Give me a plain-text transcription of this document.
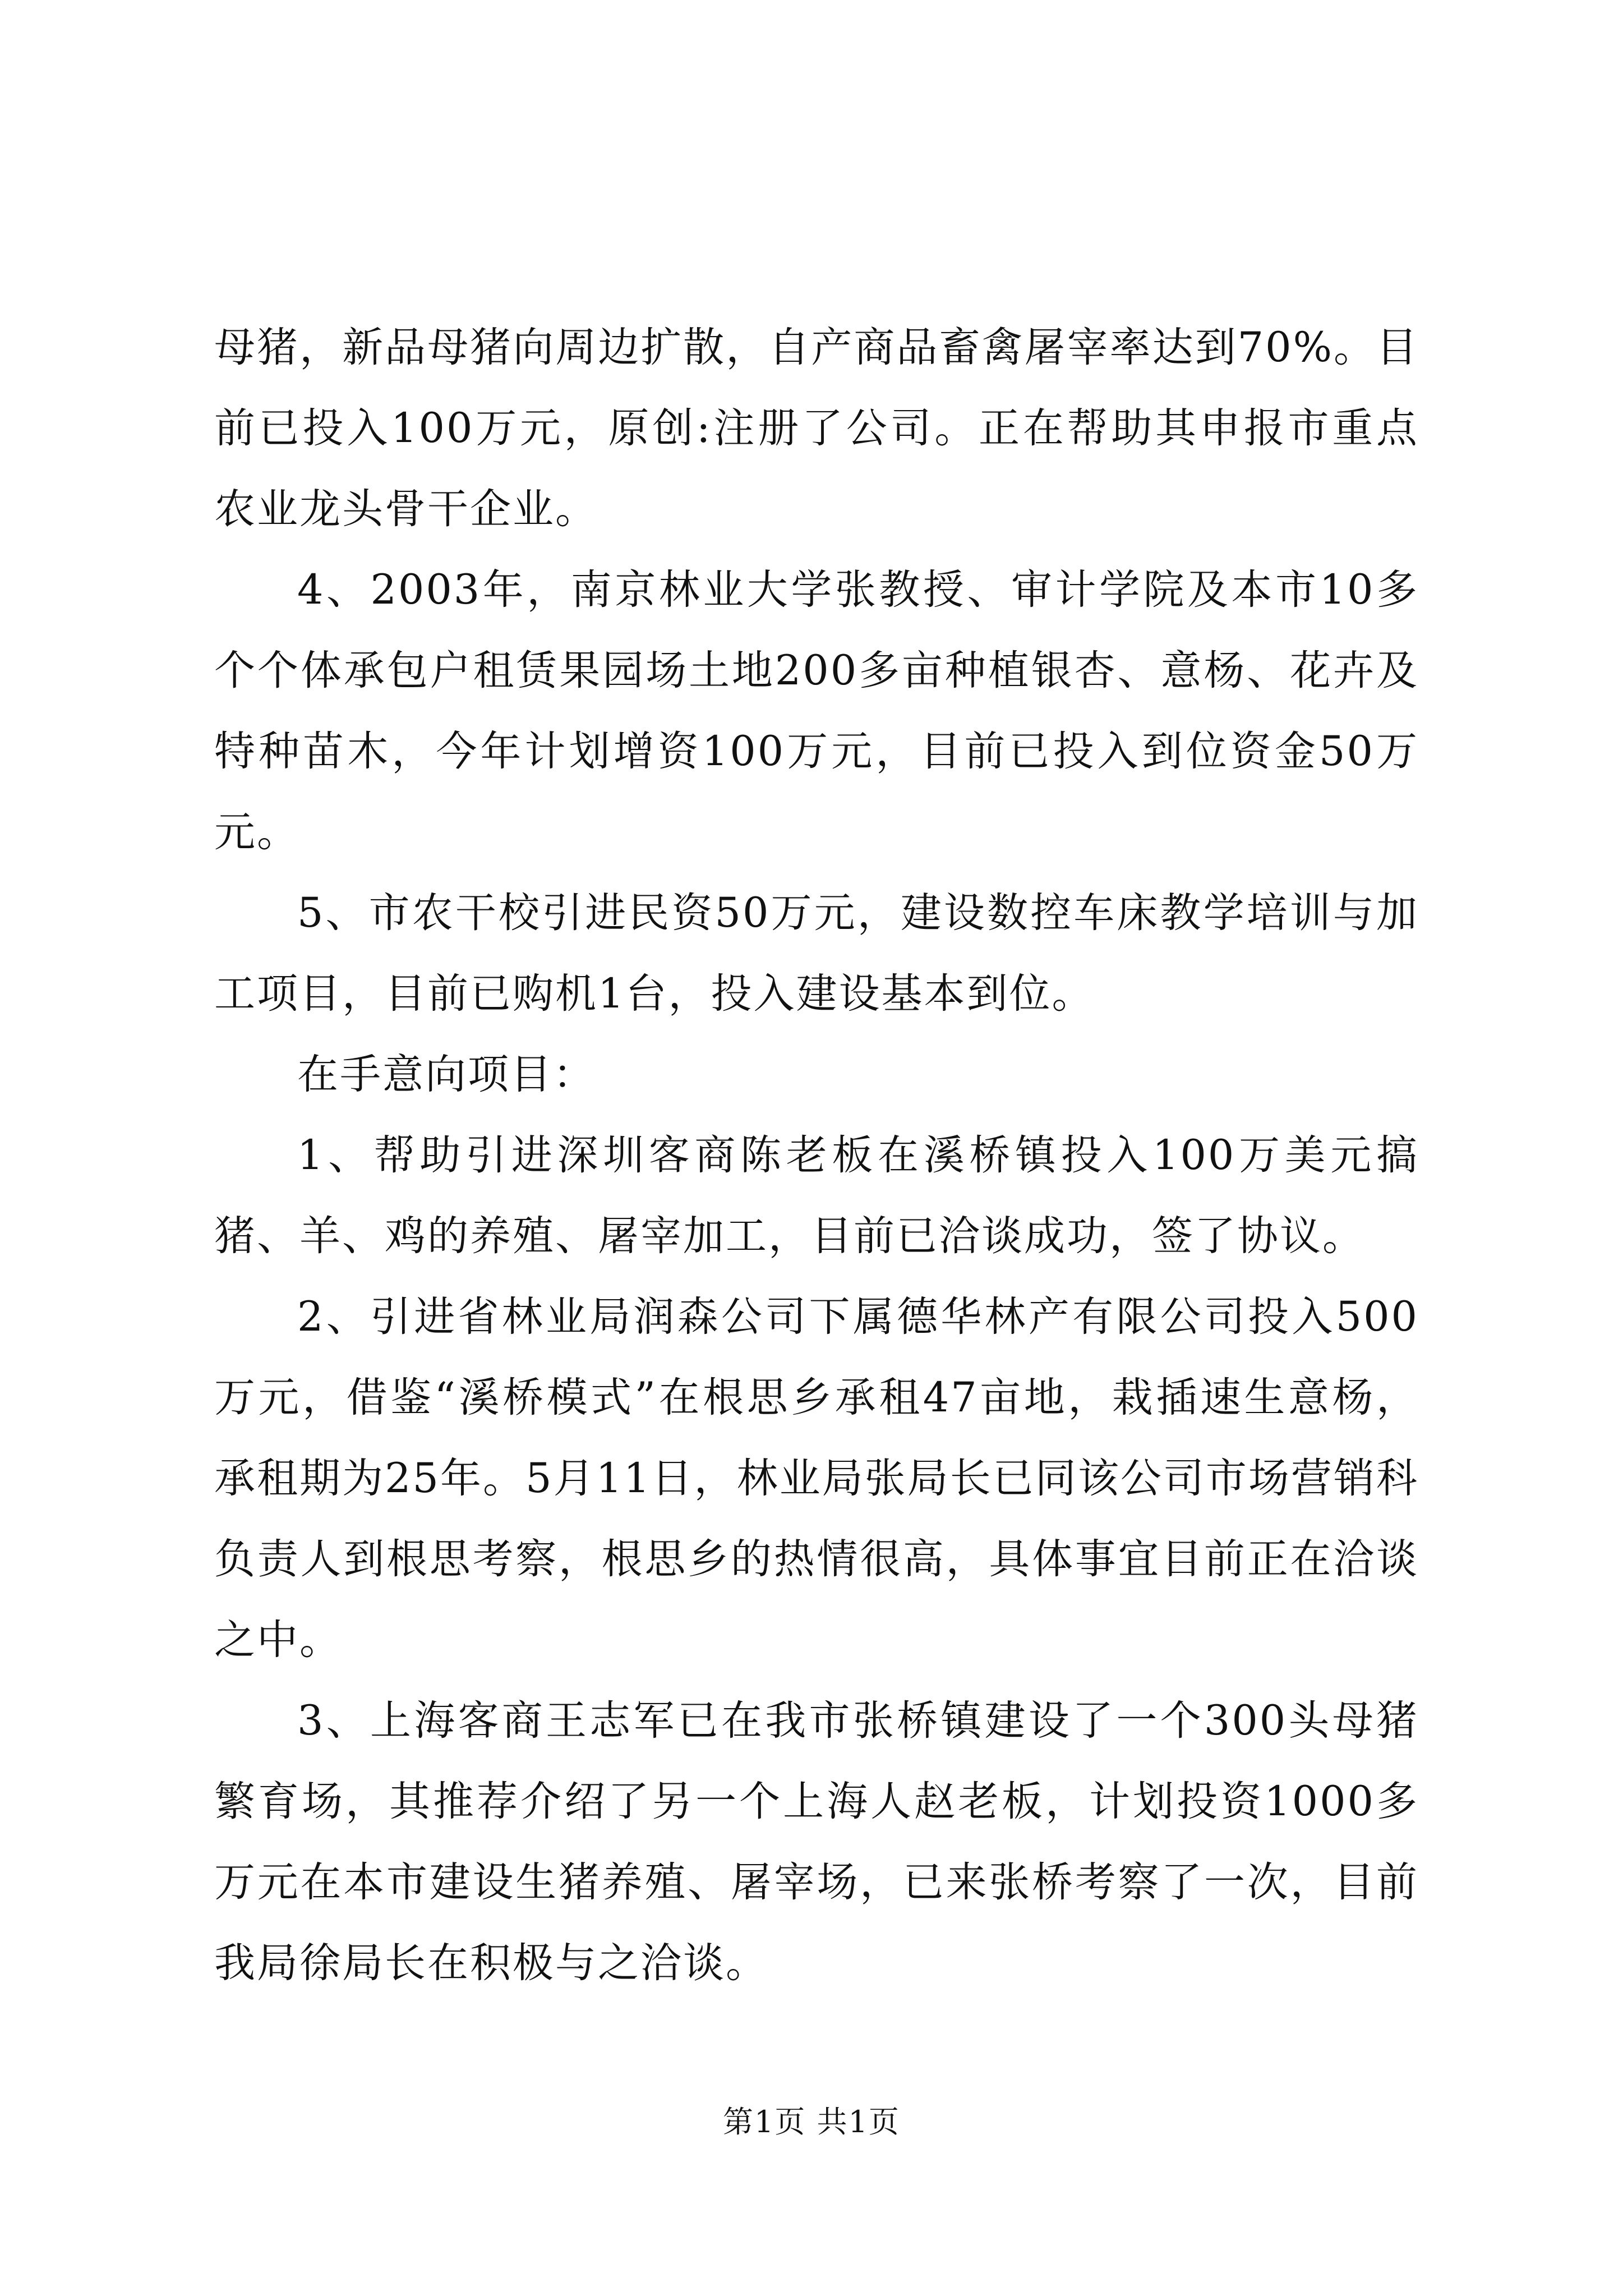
母猪，新品母猪向周边扩散，自产商品畜禽屠宰率达到70%。目前已投入100万元，原创:注册了公司。正在帮助其申报市重点农业龙头骨干企业。

4、2003年，南京林业大学张教授、审计学院及本市10多个个体承包户租赁果园场土地200多亩种植银杏、意杨、花卉及特种苗木，今年计划增资100万元，目前已投入到位资金50万元。

5、市农干校引进民资50万元，建设数控车床教学培训与加工项目，目前已购机1台，投入建设基本到位。

在手意向项目：

1、帮助引进深圳客商陈老板在溪桥镇投入100万美元搞猪、羊、鸡的养殖、屠宰加工，目前已洽谈成功，签了协议。

2、引进省林业局润森公司下属德华林产有限公司投入500万元，借鉴“溪桥模式”在根思乡承租47亩地，栽插速生意杨，承租期为25年。5月11日，林业局张局长已同该公司市场营销科负责人到根思考察，根思乡的热情很高，具体事宜目前正在洽谈之中。

3、上海客商王志军已在我市张桥镇建设了一个300头母猪繁育场，其推荐介绍了另一个上海人赵老板，计划投资1000多万元在本市建设生猪养殖、屠宰场，已来张桥考察了一次，目前我局徐局长在积极与之洽谈。

第1页 共1页
